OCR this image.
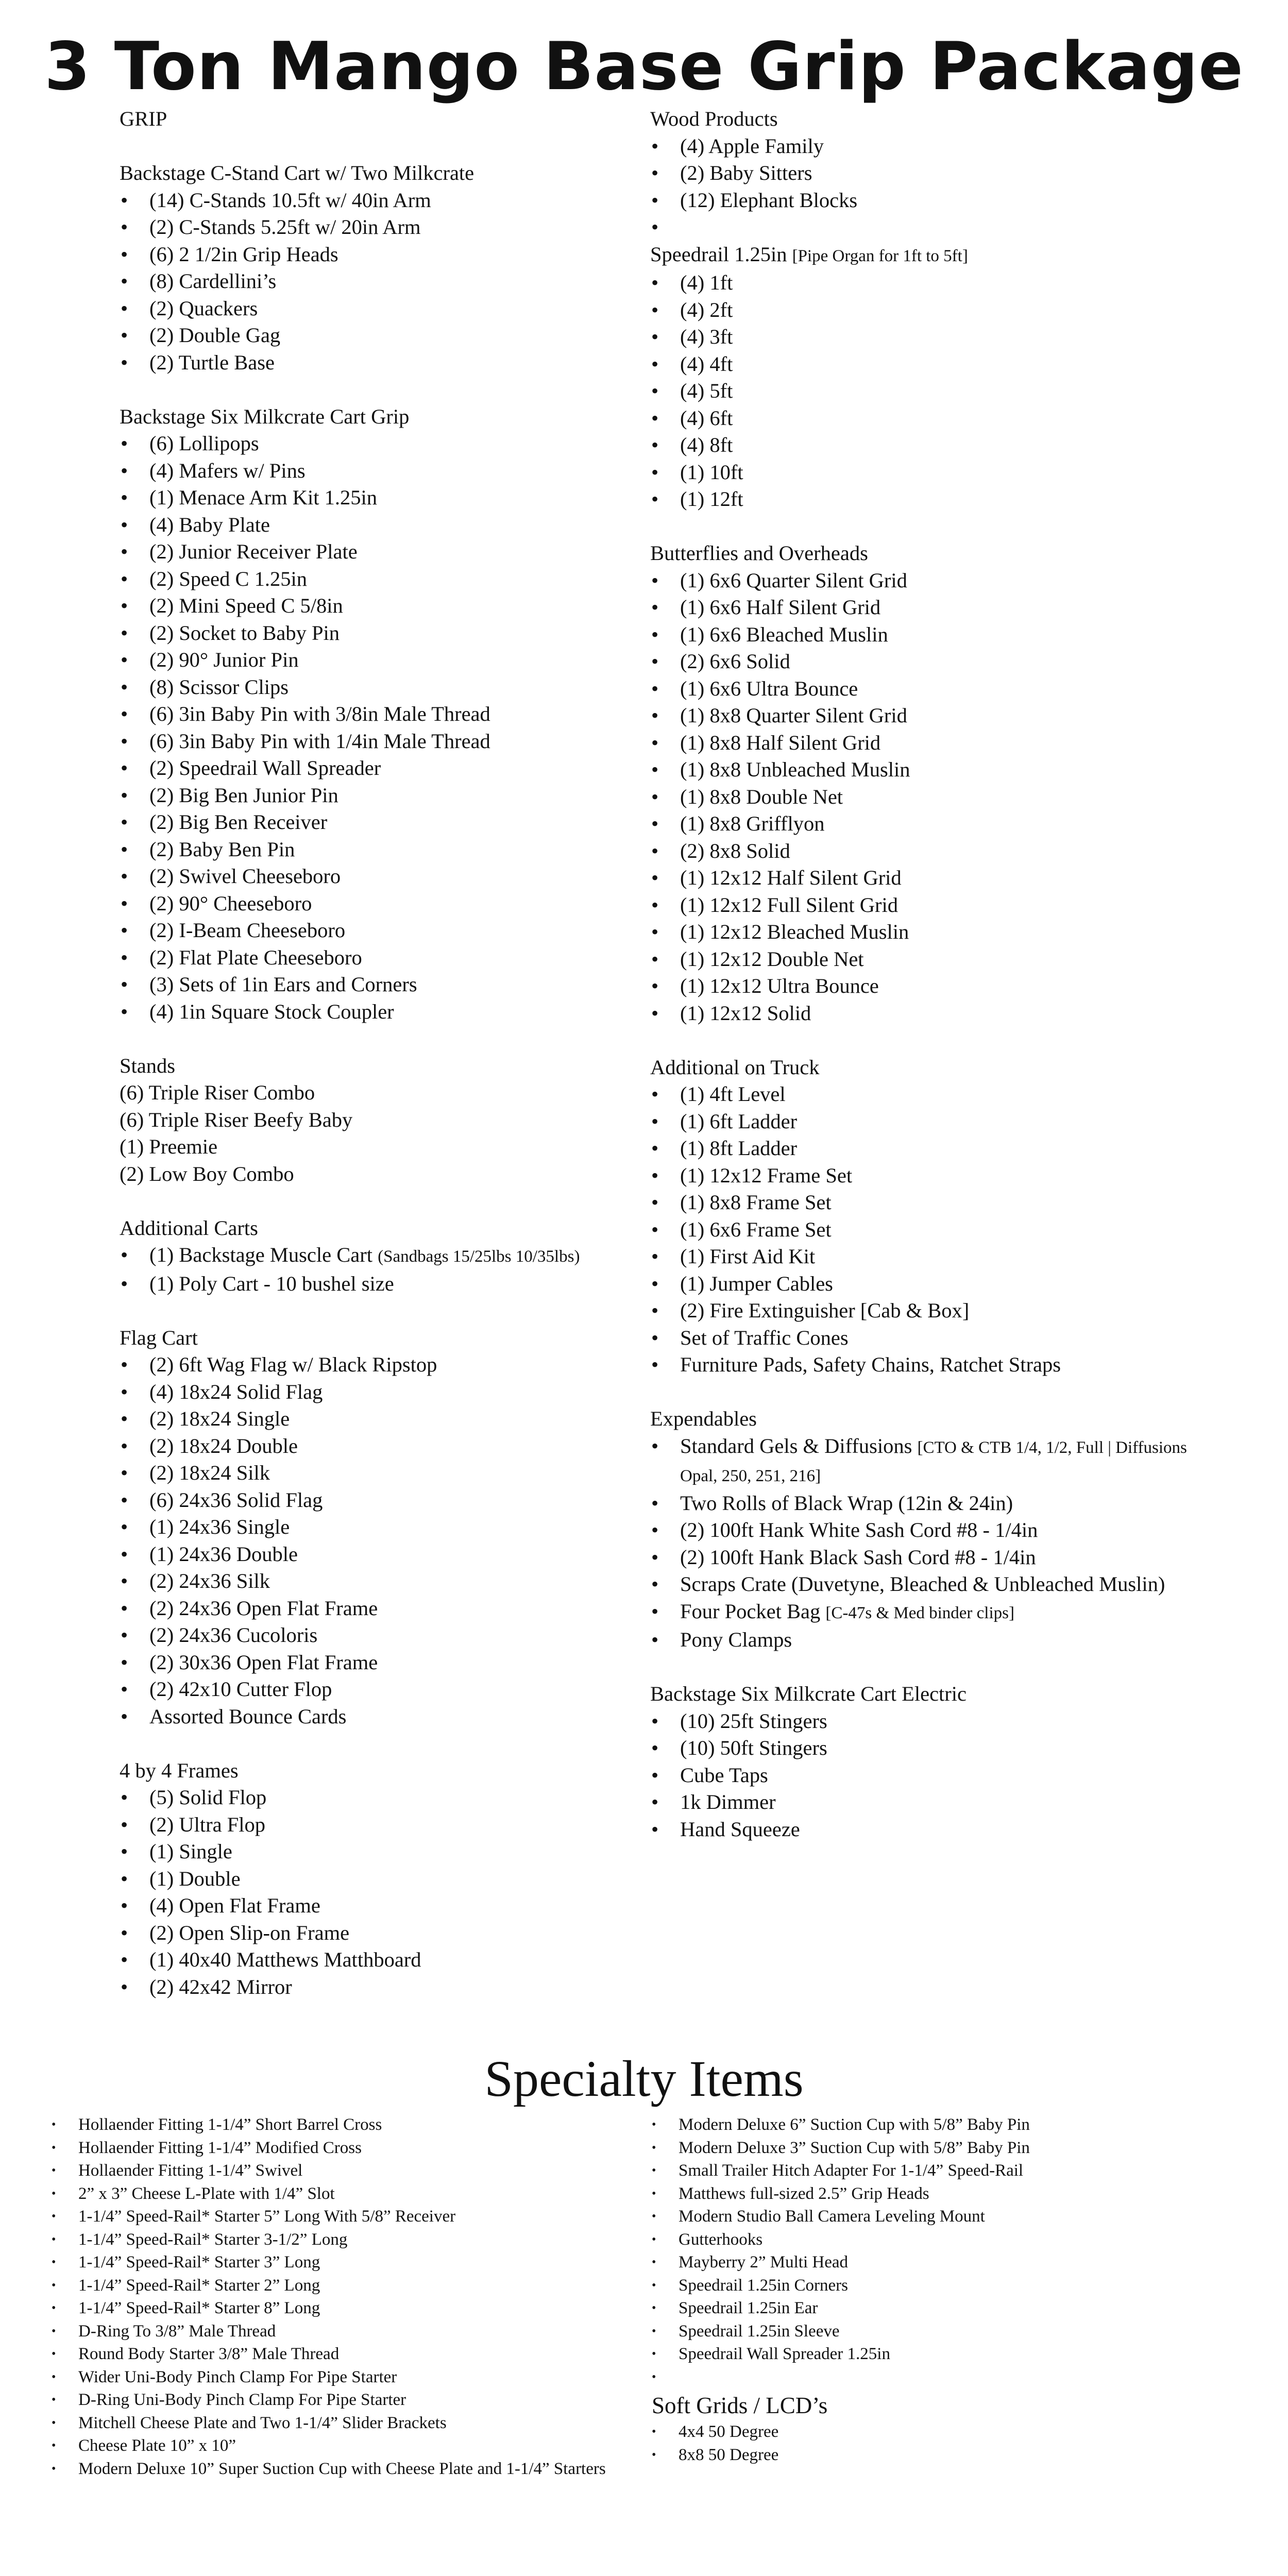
3 Ton Mango Base Grip Package
GRIP
Backstage C-Stand Cart w/ Two Milkcrate
• (14) C-Stands 10.5ft w/ 40in Arm
• (2) C-Stands 5.25ft w/ 20in Arm
• (6) 2 1/2in Grip Heads
• (8) Cardellini’s
• (2) Quackers
• (2) Double Gag
• (2) Turtle Base
Backstage Six Milkcrate Cart Grip
• (6) Lollipops
• (4) Mafers w/ Pins
• (1) Menace Arm Kit 1.25in
• (4) Baby Plate
• (2) Junior Receiver Plate
• (2) Speed C 1.25in
• (2) Mini Speed C 5/8in
• (2) Socket to Baby Pin
• (2) 90° Junior Pin
• (8) Scissor Clips
• (6) 3in Baby Pin with 3/8in Male Thread
• (6) 3in Baby Pin with 1/4in Male Thread
• (2) Speedrail Wall Spreader
• (2) Big Ben Junior Pin
• (2) Big Ben Receiver
• (2) Baby Ben Pin
• (2) Swivel Cheeseboro
• (2) 90° Cheeseboro
• (2) I-Beam Cheeseboro
• (2) Flat Plate Cheeseboro
• (3) Sets of 1in Ears and Corners
• (4) 1in Square Stock Coupler
Stands
(6) Triple Riser Combo
(6) Triple Riser Beefy Baby
(1) Preemie
(2) Low Boy Combo
Additional Carts
• (1) Backstage Muscle Cart (Sandbags 15/25lbs 10/35lbs)
• (1) Poly Cart - 10 bushel size
Flag Cart
• (2) 6ft Wag Flag w/ Black Ripstop
• (4) 18x24 Solid Flag
• (2) 18x24 Single
• (2) 18x24 Double
• (2) 18x24 Silk
• (6) 24x36 Solid Flag
• (1) 24x36 Single
• (1) 24x36 Double
• (2) 24x36 Silk
• (2) 24x36 Open Flat Frame
• (2) 24x36 Cucoloris
• (2) 30x36 Open Flat Frame
• (2) 42x10 Cutter Flop
• Assorted Bounce Cards
4 by 4 Frames
• (5) Solid Flop
• (2) Ultra Flop
• (1) Single
• (1) Double
• (4) Open Flat Frame
• (2) Open Slip-on Frame
• (1) 40x40 Matthews Matthboard
• (2) 42x42 Mirror
Wood Products
• (4) Apple Family
• (2) Baby Sitters
• (12) Elephant Blocks
•
Speedrail 1.25in [Pipe Organ for 1ft to 5ft]
• (4) 1ft
• (4) 2ft
• (4) 3ft
• (4) 4ft
• (4) 5ft
• (4) 6ft
• (4) 8ft
• (1) 10ft
• (1) 12ft
Butterflies and Overheads
• (1) 6x6 Quarter Silent Grid
• (1) 6x6 Half Silent Grid
• (1) 6x6 Bleached Muslin
• (2) 6x6 Solid
• (1) 6x6 Ultra Bounce
• (1) 8x8 Quarter Silent Grid
• (1) 8x8 Half Silent Grid
• (1) 8x8 Unbleached Muslin
• (1) 8x8 Double Net
• (1) 8x8 Grifflyon
• (2) 8x8 Solid
• (1) 12x12 Half Silent Grid
• (1) 12x12 Full Silent Grid
• (1) 12x12 Bleached Muslin
• (1) 12x12 Double Net
• (1) 12x12 Ultra Bounce
• (1) 12x12 Solid
Additional on Truck
• (1) 4ft Level
• (1) 6ft Ladder
• (1) 8ft Ladder
• (1) 12x12 Frame Set
• (1) 8x8 Frame Set
• (1) 6x6 Frame Set
• (1) First Aid Kit
• (1) Jumper Cables
• (2) Fire Extinguisher [Cab & Box]
• Set of Traffic Cones
• Furniture Pads, Safety Chains, Ratchet Straps
Expendables
• Standard Gels & Diffusions [CTO & CTB 1/4, 1/2, Full | Diffusions Opal, 250, 251, 216]
• Two Rolls of Black Wrap (12in & 24in)
• (2) 100ft Hank White Sash Cord #8 - 1/4in
• (2) 100ft Hank Black Sash Cord #8 - 1/4in
• Scraps Crate (Duvetyne, Bleached & Unbleached Muslin)
• Four Pocket Bag [C-47s & Med binder clips]
• Pony Clamps
Backstage Six Milkcrate Cart Electric
• (10) 25ft Stingers
• (10) 50ft Stingers
• Cube Taps
• 1k Dimmer
• Hand Squeeze
Specialty Items
• Hollaender Fitting 1-1/4” Short Barrel Cross
• Hollaender Fitting 1-1/4” Modified Cross
• Hollaender Fitting 1-1/4” Swivel
• 2” x 3” Cheese L-Plate with 1/4” Slot
• 1-1/4” Speed-Rail* Starter 5” Long With 5/8” Receiver
• 1-1/4” Speed-Rail* Starter 3-1/2” Long
• 1-1/4” Speed-Rail* Starter 3” Long
• 1-1/4” Speed-Rail* Starter 2” Long
• 1-1/4” Speed-Rail* Starter 8” Long
• D-Ring To 3/8” Male Thread
• Round Body Starter 3/8” Male Thread
• Wider Uni-Body Pinch Clamp For Pipe Starter
• D-Ring Uni-Body Pinch Clamp For Pipe Starter
• Mitchell Cheese Plate and Two 1-1/4” Slider Brackets
• Cheese Plate 10” x 10”
• Modern Deluxe 10” Super Suction Cup with Cheese Plate and 1-1/4” Starters
• Modern Deluxe 6” Suction Cup with 5/8” Baby Pin
• Modern Deluxe 3” Suction Cup with 5/8” Baby Pin
• Small Trailer Hitch Adapter For 1-1/4” Speed-Rail
• Matthews full-sized 2.5” Grip Heads
• Modern Studio Ball Camera Leveling Mount
• Gutterhooks
• Mayberry 2” Multi Head
• Speedrail 1.25in Corners
• Speedrail 1.25in Ear
• Speedrail 1.25in Sleeve
• Speedrail Wall Spreader 1.25in
•
Soft Grids / LCD’s
• 4x4 50 Degree
• 8x8 50 Degree
